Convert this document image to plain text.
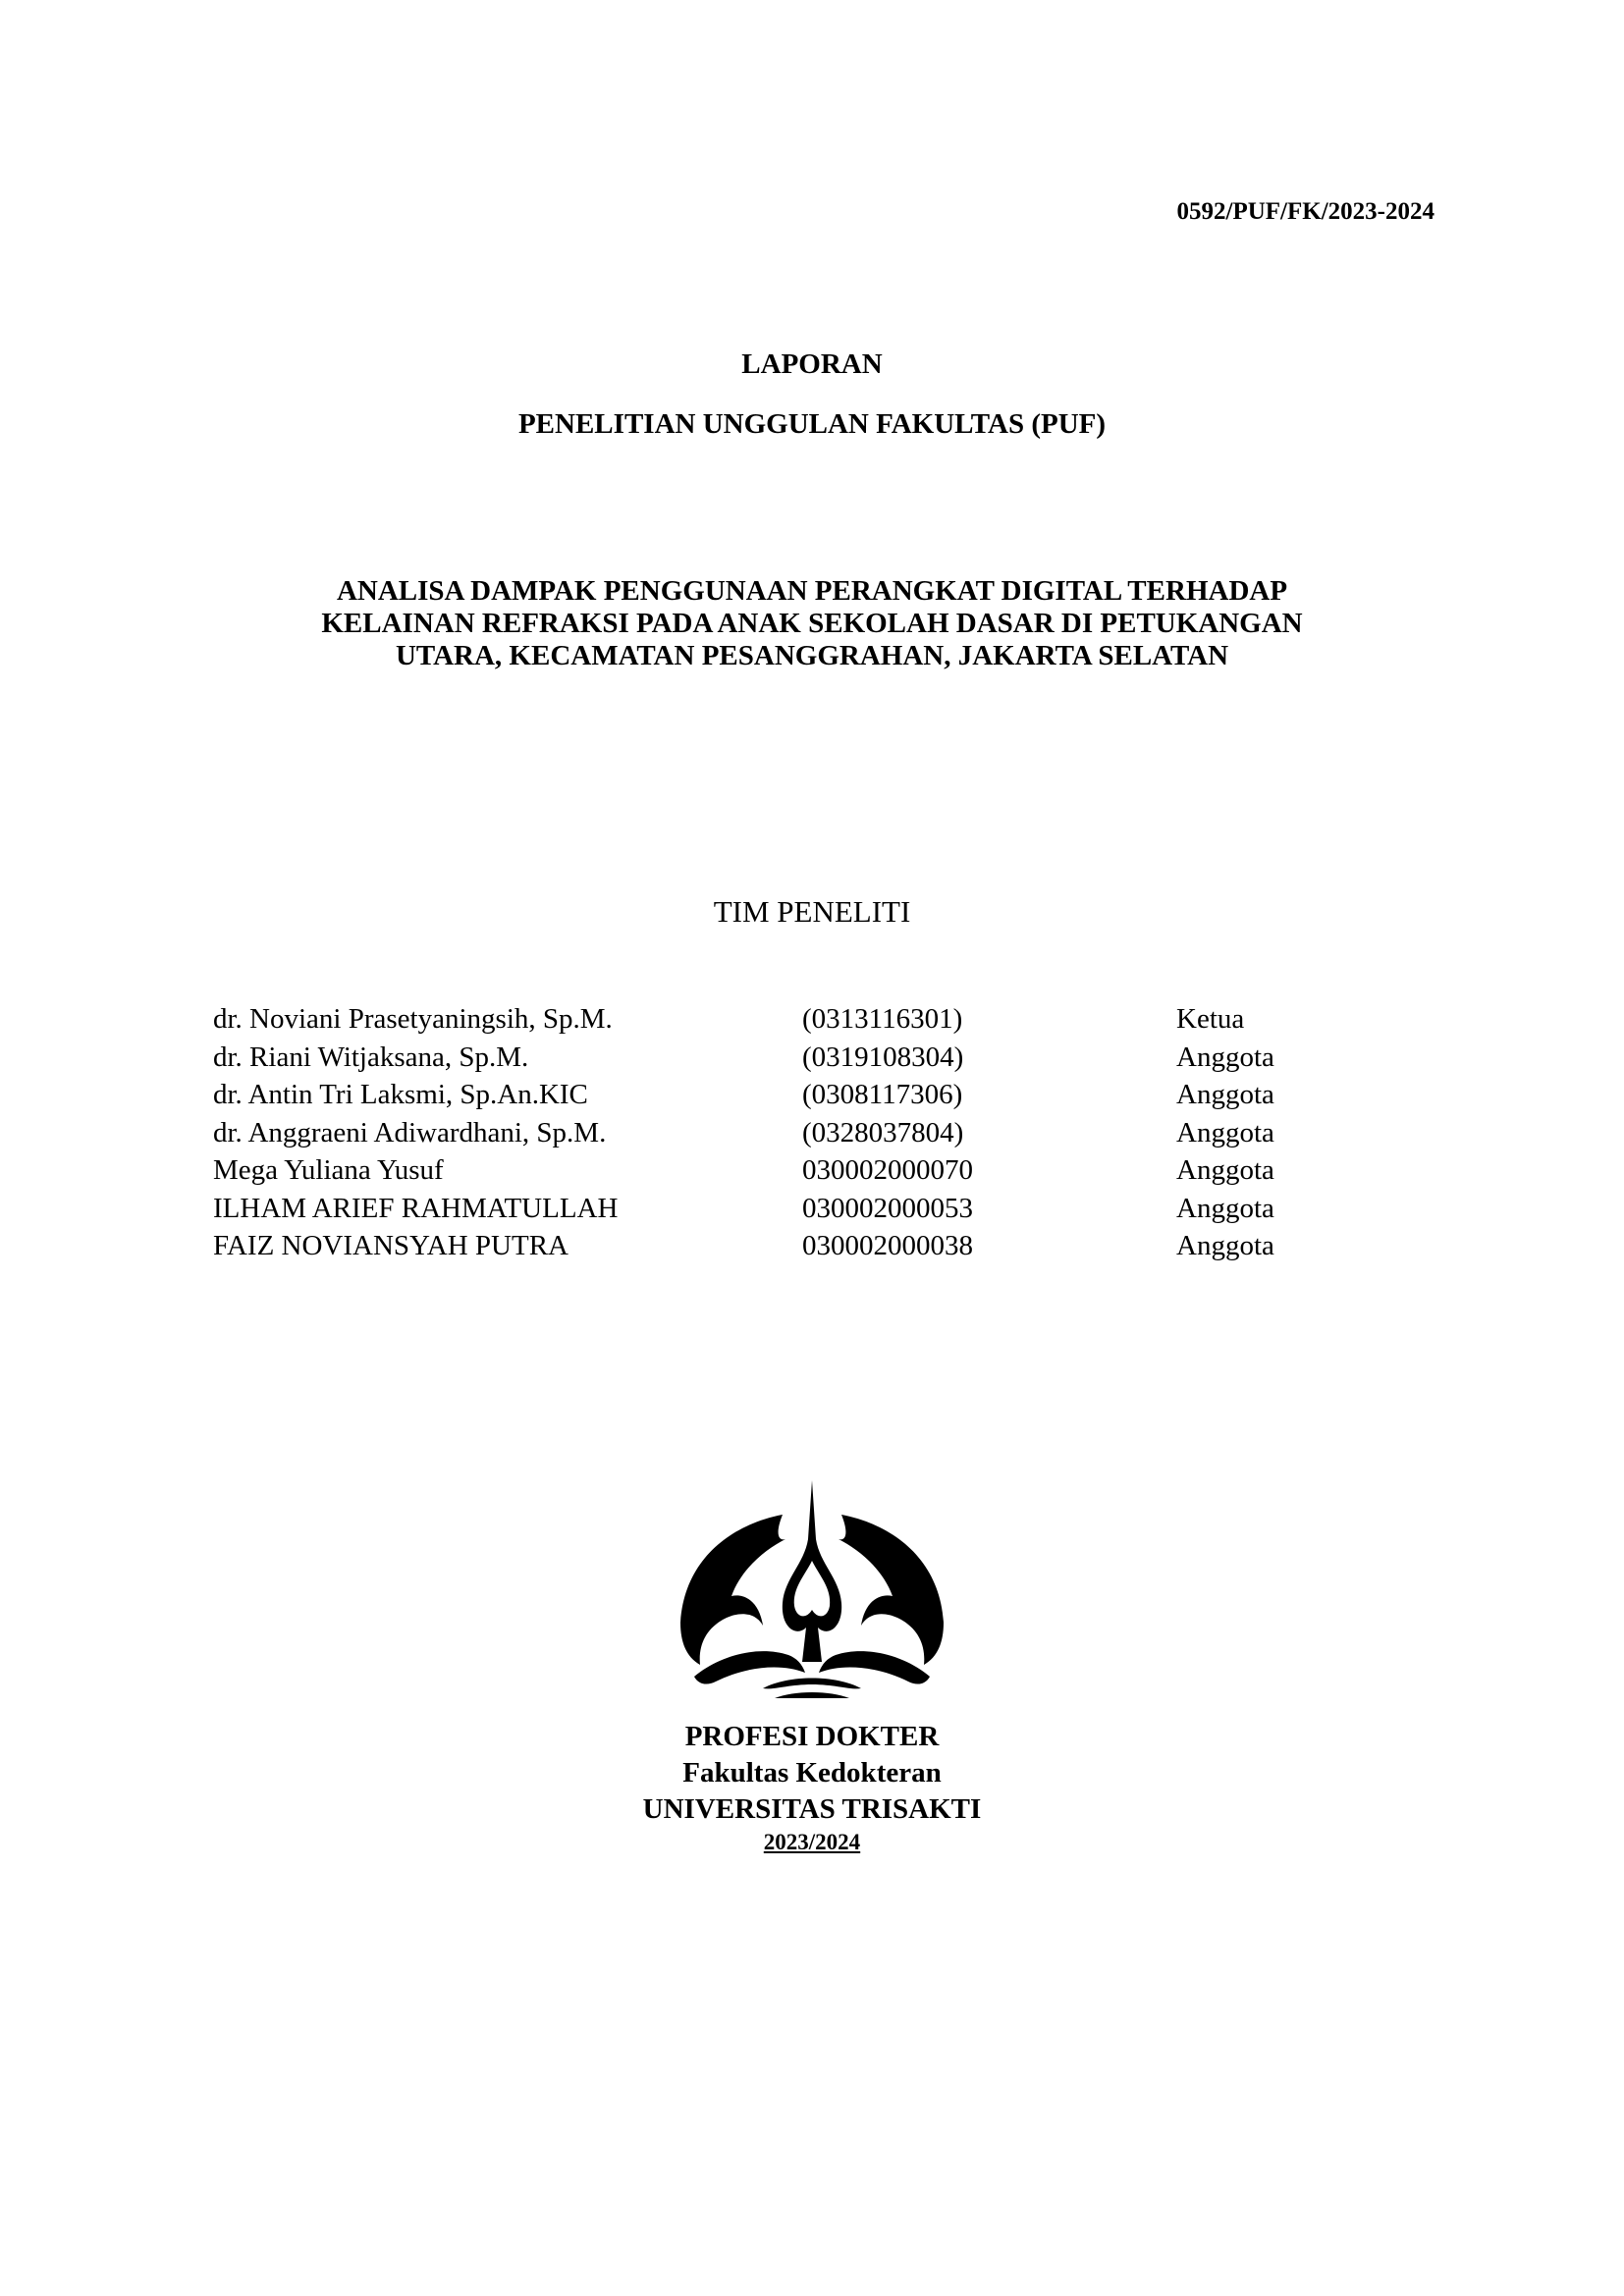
0592/PUF/FK/2023-2024

LAPORAN

PENELITIAN UNGGULAN FAKULTAS (PUF)

ANALISA DAMPAK PENGGUNAAN PERANGKAT DIGITAL TERHADAP
KELAINAN REFRAKSI PADA ANAK SEKOLAH DASAR DI PETUKANGAN
UTARA, KECAMATAN PESANGGRAHAN, JAKARTA SELATAN

TIM PENELITI

dr. Noviani Prasetyaningsih, Sp.M.	(0313116301)	Ketua
dr. Riani Witjaksana, Sp.M.	(0319108304)	Anggota
dr. Antin Tri Laksmi, Sp.An.KIC	(0308117306)	Anggota
dr. Anggraeni Adiwardhani, Sp.M.	(0328037804)	Anggota
Mega Yuliana Yusuf	030002000070	Anggota
ILHAM ARIEF RAHMATULLAH	030002000053	Anggota
FAIZ NOVIANSYAH PUTRA	030002000038	Anggota
PROFESI DOKTER
Fakultas Kedokteran
UNIVERSITAS TRISAKTI
2023/2024
